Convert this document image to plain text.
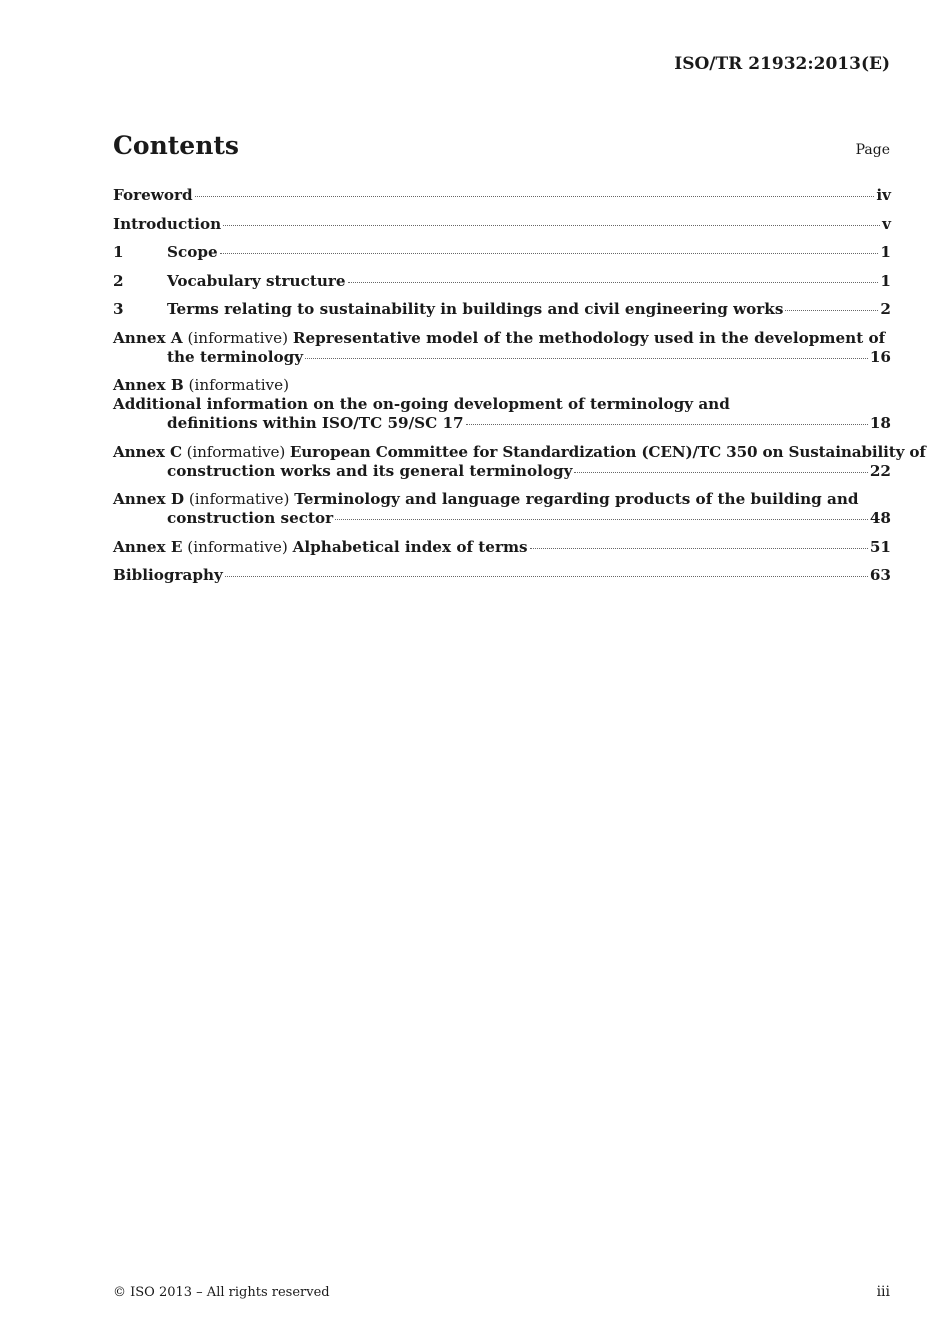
ISO/TR 21932:2013(E)
Contents	Page
Foreword	iv
Introduction	v
1	Scope	1
2	Vocabulary structure	1
3	Terms relating to sustainability in buildings and civil engineering works	2
Annex A (informative) Representative model of the methodology used in the development of
the terminology	16
Annex B (informative) Additional information on the on-going development of terminology and
definitions within ISO/TC 59/SC 17	18
Annex C (informative) European Committee for Standardization (CEN)/TC 350 on Sustainability of
construction works and its general terminology	22
Annex D (informative) Terminology and language regarding products of the building and
construction sector	48
Annex E (informative) Alphabetical index of terms	51
Bibliography	63
© ISO 2013 – All rights reserved	iii
